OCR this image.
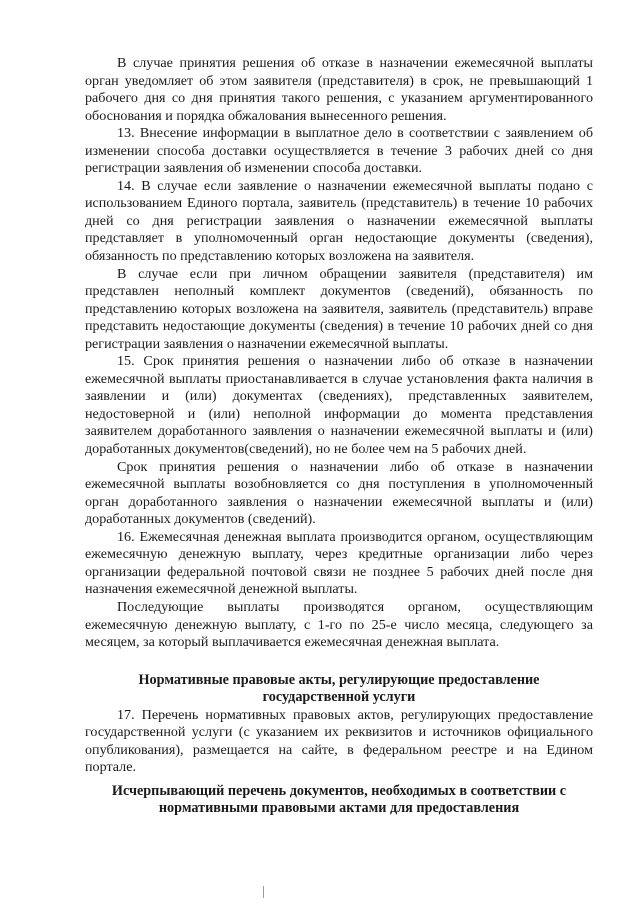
В случае принятия решения об отказе в назначении ежемесячной выплаты орган уведомляет об этом заявителя (представителя) в срок, не превышающий 1 рабочего дня со дня принятия такого решения, с указанием аргументированного обоснования и порядка обжалования вынесенного решения.

13. Внесение информации в выплатное дело в соответствии с заявлением об изменении способа доставки осуществляется в течение 3 рабочих дней со дня регистрации заявления об изменении способа доставки.

14. В случае если заявление о назначении ежемесячной выплаты подано с использованием Единого портала, заявитель (представитель) в течение 10 рабочих дней со дня регистрации заявления о назначении ежемесячной выплаты представляет в уполномоченный орган недостающие документы (сведения), обязанность по представлению которых возложена на заявителя.

В случае если при личном обращении заявителя (представителя) им представлен неполный комплект документов (сведений), обязанность по представлению которых возложена на заявителя, заявитель (представитель) вправе представить недостающие документы (сведения) в течение 10 рабочих дней со дня регистрации заявления о назначении ежемесячной выплаты.

15. Срок принятия решения о назначении либо об отказе в назначении ежемесячной выплаты приостанавливается в случае установления факта наличия в заявлении и (или) документах (сведениях), представленных заявителем, недостоверной и (или) неполной информации до момента представления заявителем доработанного заявления о назначении ежемесячной выплаты и (или) доработанных документов(сведений), но не более чем на 5 рабочих дней.

Срок принятия решения о назначении либо об отказе в назначении ежемесячной выплаты возобновляется со дня поступления в уполномоченный орган доработанного заявления о назначении ежемесячной выплаты и (или) доработанных документов (сведений).

16. Ежемесячная денежная выплата производится органом, осуществляющим ежемесячную денежную выплату, через кредитные организации либо через организации федеральной почтовой связи не позднее 5 рабочих дней после дня назначения ежемесячной денежной выплаты.

Последующие выплаты производятся органом, осуществляющим ежемесячную денежную выплату, с 1-го по 25-е число месяца, следующего за месяцем, за который выплачивается ежемесячная денежная выплата.

Нормативные правовые акты, регулирующие предоставление государственной услуги

17. Перечень нормативных правовых актов, регулирующих предоставление государственной услуги (с указанием их реквизитов и источников официального опубликования), размещается на сайте, в федеральном реестре и на Едином портале.

Исчерпывающий перечень документов, необходимых в соответствии с нормативными правовыми актами для предоставления
